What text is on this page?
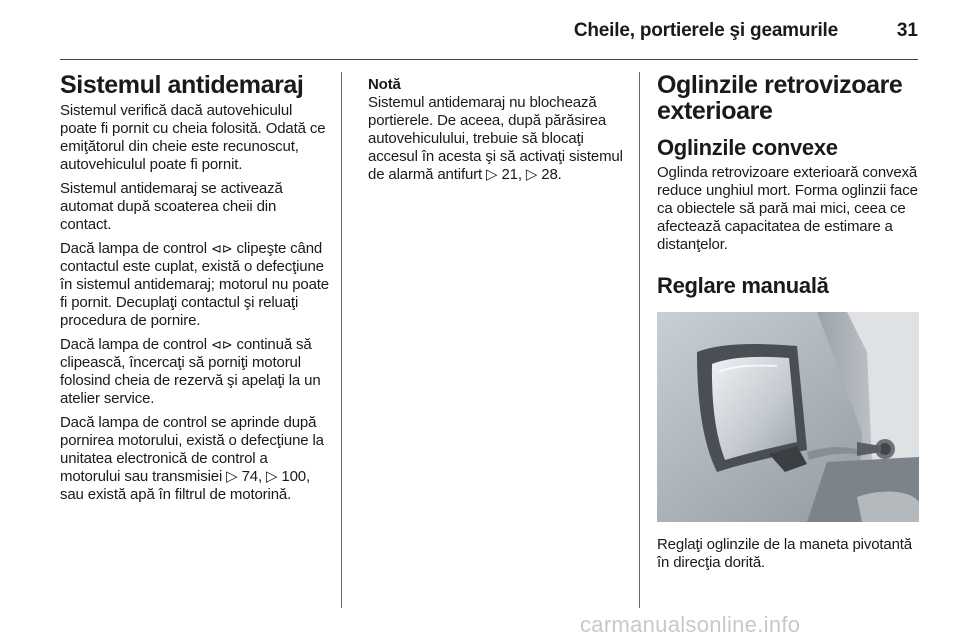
Cheile, portierele şi geamurile	31
Sistemul antidemaraj

Sistemul verifică dacă autovehiculul poate fi pornit cu cheia folosită. Odată ce emiţătorul din cheie este recunoscut, autovehiculul poate fi pornit.

Sistemul antidemaraj se activează automat după scoaterea cheii din contact.

Dacă lampa de control ⊲⊳ clipeşte când contactul este cuplat, există o defecţiune în sistemul antidemaraj; motorul nu poate fi pornit. Decuplaţi contactul şi reluaţi procedura de pornire.

Dacă lampa de control ⊲⊳ continuă să clipească, încercaţi să porniţi motorul folosind cheia de rezervă şi apelaţi la un atelier service.

Dacă lampa de control se aprinde după pornirea motorului, există o defecţiune la unitatea electronică de control a motorului sau transmisiei ▷ 74, ▷ 100, sau există apă în filtrul de motorină.

Notă
Sistemul antidemaraj nu blochează portierele. De aceea, după părăsirea autovehiculului, trebuie să blocaţi accesul în acesta şi să activaţi sistemul de alarmă antifurt ▷ 21, ▷ 28.
Oglinzile retrovizoare exterioare
Oglinzile convexe

Oglinda retrovizoare exterioară convexă reduce unghiul mort. Forma oglinzii face ca obiectele să pară mai mici, ceea ce afectează capacitatea de estimare a distanţelor.

Reglare manuală

Reglaţi oglinzile de la maneta pivotantă în direcţia dorită.

carmanualsonline.info
